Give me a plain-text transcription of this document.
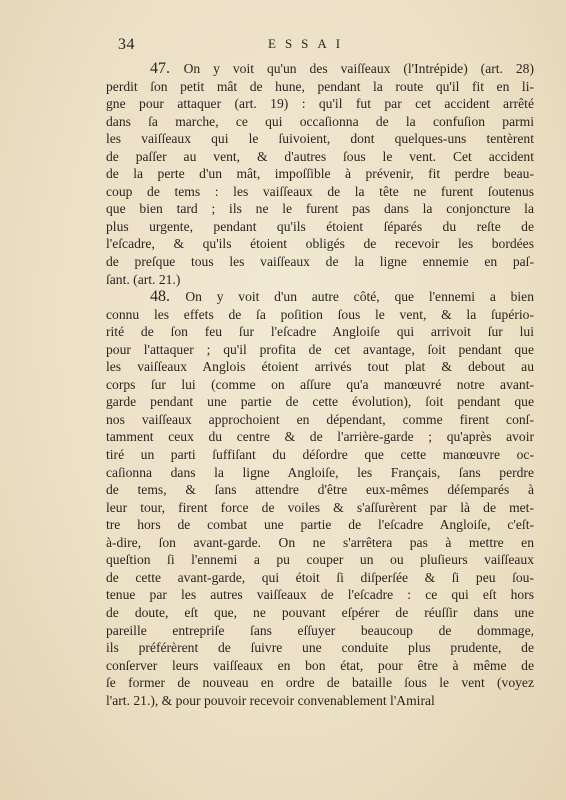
34	ESSAI
47. On y voit qu'un des vaiſſeaux (l'Intrépide) (art. 28)
perdit ſon petit mât de hune, pendant la route qu'il fit en li-
gne pour attaquer (art. 19) : qu'il fut par cet accident arrêté
dans ſa marche, ce qui occaſionna de la confuſion parmi
les vaiſſeaux qui le ſuivoient, dont quelques-uns tentèrent
de paſſer au vent, & d'autres ſous le vent. Cet accident
de la perte d'un mât, impoſſible à prévenir, fit perdre beau-
coup de tems : les vaiſſeaux de la tête ne furent ſoutenus
que bien tard ; ils ne le furent pas dans la conjoncture la
plus urgente, pendant qu'ils étoient ſéparés du reſte de
l'eſcadre, & qu'ils étoient obligés de recevoir les bordées
de preſque tous les vaiſſeaux de la ligne ennemie en paſ-
ſant. (art. 21.)
48. On y voit d'un autre côté, que l'ennemi a bien
connu les effets de ſa poſition ſous le vent, & la ſupério-
rité de ſon feu ſur l'eſcadre Angloiſe qui arrivoit ſur lui
pour l'attaquer ; qu'il profita de cet avantage, ſoit pendant que
les vaiſſeaux Anglois étoient arrivés tout plat & debout au
corps ſur lui (comme on aſſure qu'a manœuvré notre avant-
garde pendant une partie de cette évolution), ſoit pendant que
nos vaiſſeaux approchoient en dépendant, comme firent conſ-
tamment ceux du centre & de l'arrière-garde ; qu'après avoir
tiré un parti ſuffiſant du déſordre que cette manœuvre oc-
caſionna dans la ligne Angloiſe, les Français, ſans perdre
de tems, & ſans attendre d'être eux-mêmes déſemparés à
leur tour, firent force de voiles & s'aſſurèrent par là de met-
tre hors de combat une partie de l'eſcadre Angloiſe, c'eſt-
à-dire, ſon avant-garde. On ne s'arrêtera pas à mettre en
queſtion ſi l'ennemi a pu couper un ou pluſieurs vaiſſeaux
de cette avant-garde, qui étoit ſi diſperſée & ſi peu ſou-
tenue par les autres vaiſſeaux de l'eſcadre : ce qui eſt hors
de doute, eſt que, ne pouvant eſpérer de réuſſir dans une
pareille entrepriſe ſans eſſuyer beaucoup de dommage,
ils préférèrent de ſuivre une conduite plus prudente, de
conſerver leurs vaiſſeaux en bon état, pour être à même de
ſe former de nouveau en ordre de bataille ſous le vent (voyez
l'art. 21.), & pour pouvoir recevoir convenablement l'Amiral
